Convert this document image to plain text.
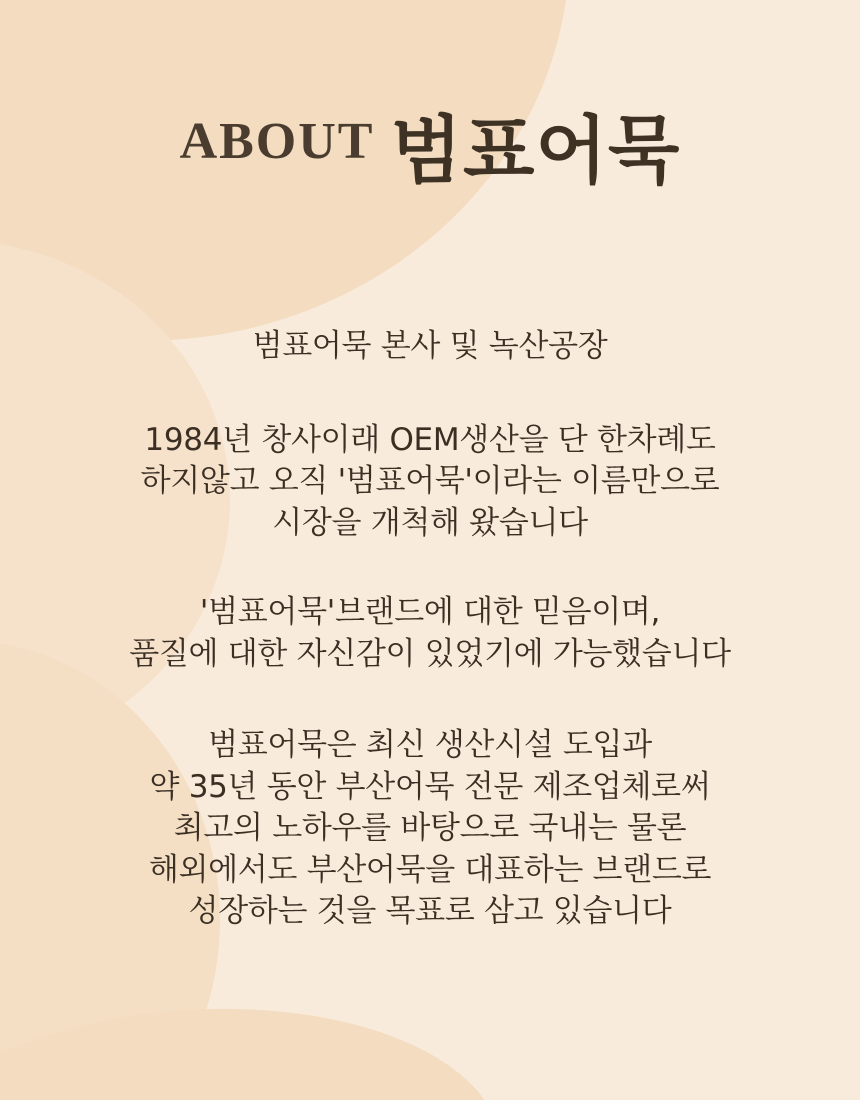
ABOUT 범표어묵

범표어묵 본사 및 녹산공장

1984년 창사이래 OEM생산을 단 한차례도
하지않고 오직 '범표어묵'이라는 이름만으로
시장을 개척해 왔습니다

'범표어묵'브랜드에 대한 믿음이며,
품질에 대한 자신감이 있었기에 가능했습니다

범표어묵은 최신 생산시설 도입과
약 35년 동안 부산어묵 전문 제조업체로써
최고의 노하우를 바탕으로 국내는 물론
해외에서도 부산어묵을 대표하는 브랜드로
성장하는 것을 목표로 삼고 있습니다
